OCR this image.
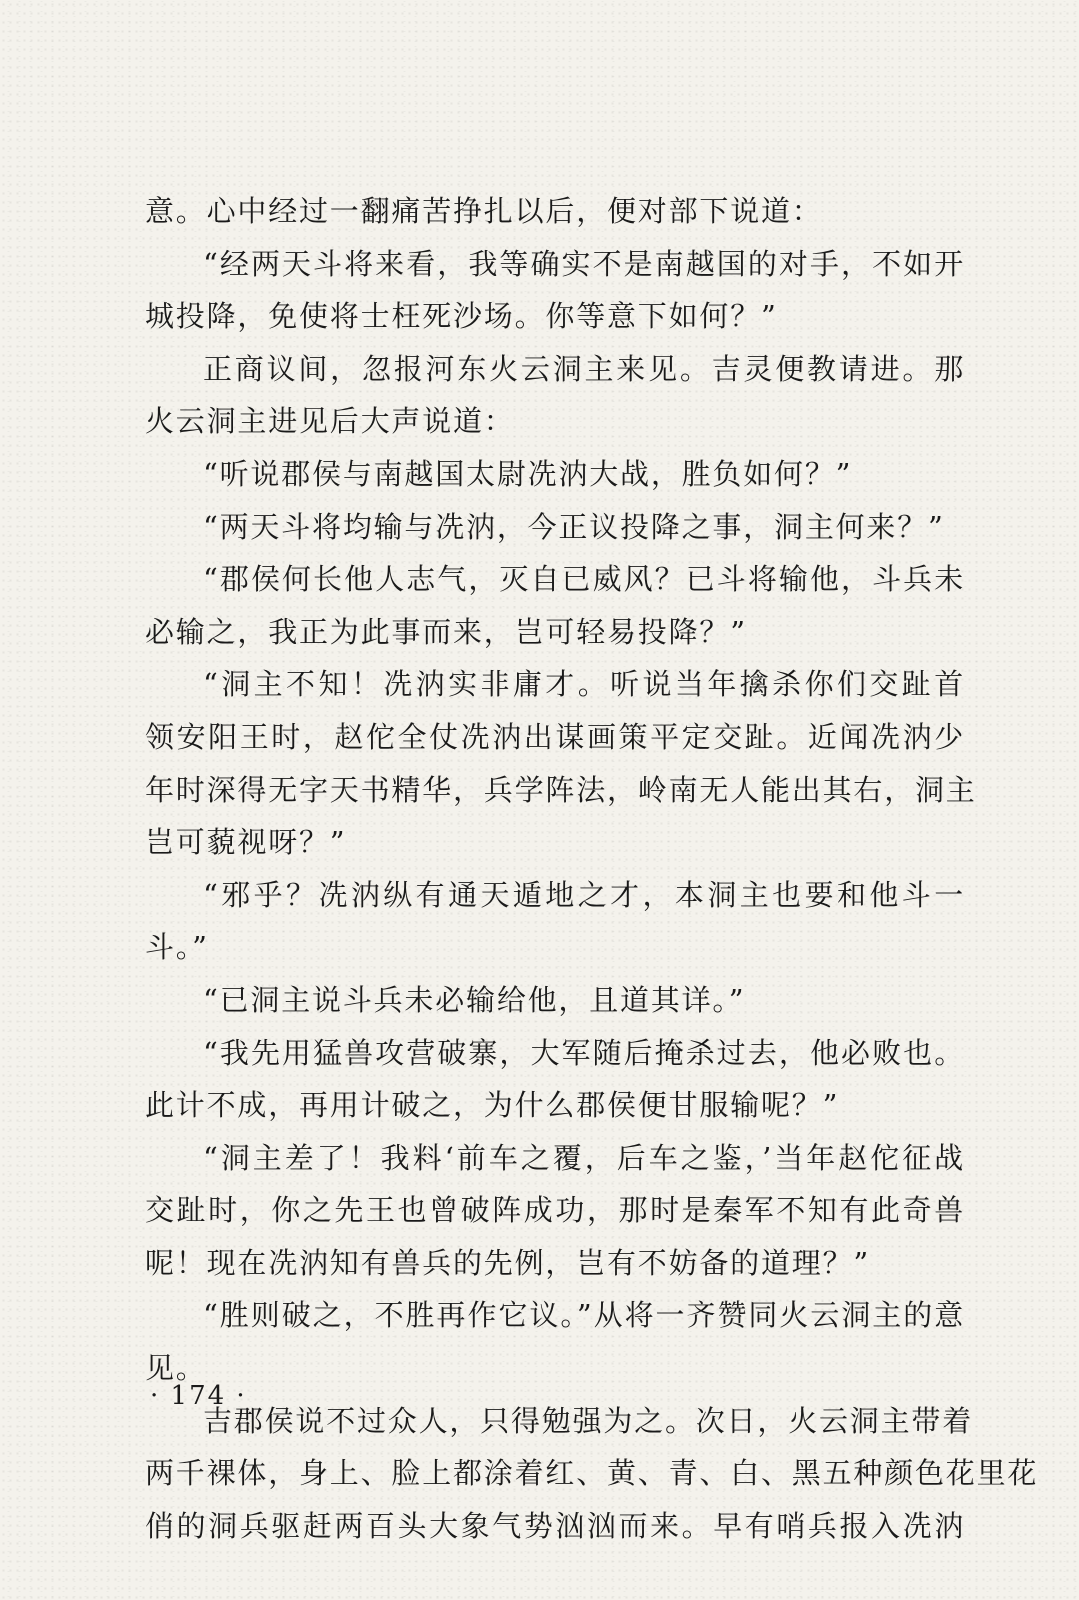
意。心中经过一翻痛苦挣扎以后，便对部下说道：
“经两天斗将来看，我等确实不是南越国的对手，不如开
城投降，免使将士枉死沙场。你等意下如何？”
正商议间，忽报河东火云洞主来见。吉灵便教请进。那
火云洞主进见后大声说道：
“听说郡侯与南越国太尉冼汭大战，胜负如何？”
“两天斗将均输与冼汭，今正议投降之事，洞主何来？”
“郡侯何长他人志气，灭自已威风？已斗将输他，斗兵未
必输之，我正为此事而来，岂可轻易投降？”
“洞主不知！冼汭实非庸才。听说当年擒杀你们交趾首
领安阳王时，赵佗全仗冼汭出谋画策平定交趾。近闻冼汭少
年时深得无字天书精华，兵学阵法，岭南无人能出其右，洞主
岂可藐视呀？”
“邪乎？冼汭纵有通天遁地之才，本洞主也要和他斗一
斗。”
“已洞主说斗兵未必输给他，且道其详。”
“我先用猛兽攻营破寨，大军随后掩杀过去，他必败也。
此计不成，再用计破之，为什么郡侯便甘服输呢？”
“洞主差了！我料‘前车之覆，后车之鉴，’当年赵佗征战
交趾时，你之先王也曾破阵成功，那时是秦军不知有此奇兽
呢！现在冼汭知有兽兵的先例，岂有不妨备的道理？”
“胜则破之，不胜再作它议。”从将一齐赞同火云洞主的意
见。
吉郡侯说不过众人，只得勉强为之。次日，火云洞主带着
两千裸体，身上、脸上都涂着红、黄、青、白、黑五种颜色花里花
俏的洞兵驱赶两百头大象气势汹汹而来。早有哨兵报入冼汭
· 174 ·
